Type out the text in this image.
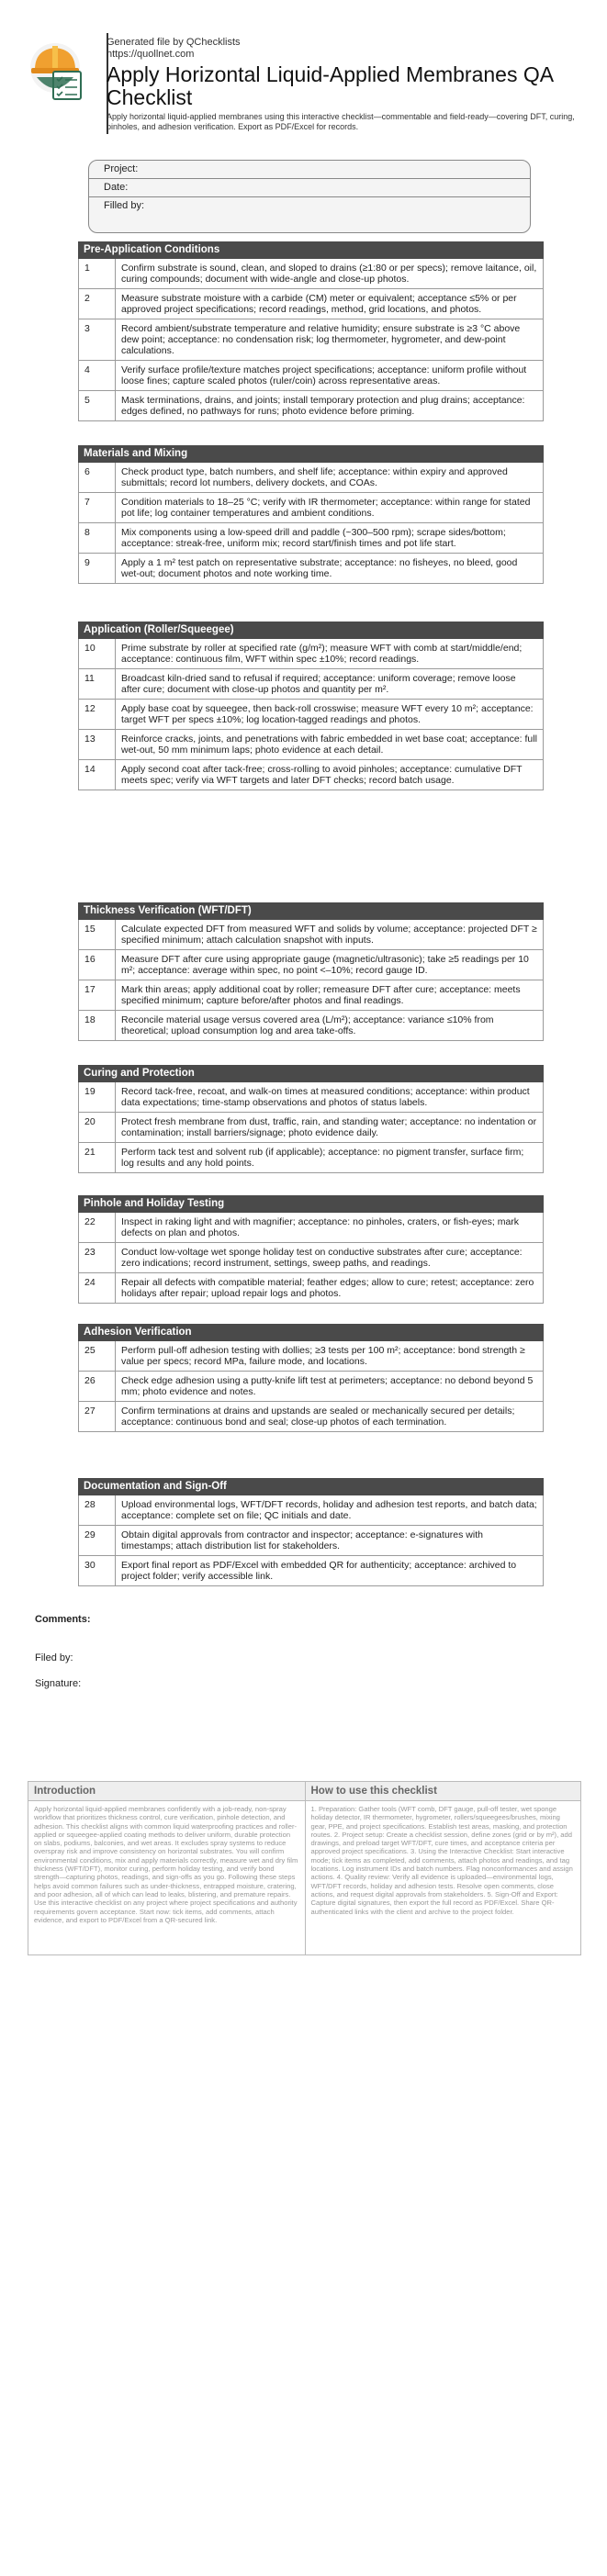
Generated file by QChecklists
https://quollnet.com
Apply Horizontal Liquid-Applied Membranes QA Checklist
Apply horizontal liquid-applied membranes using this interactive checklist—commentable and field-ready—covering DFT, curing, pinholes, and adhesion verification. Export as PDF/Excel for records.
Project:
Date:
Filled by:
Pre-Application Conditions
1	Confirm substrate is sound, clean, and sloped to drains (≥1:80 or per specs); remove laitance, oil, curing compounds; document with wide-angle and close-up photos.
2	Measure substrate moisture with a carbide (CM) meter or equivalent; acceptance ≤5% or per approved project specifications; record readings, method, grid locations, and photos.
3	Record ambient/substrate temperature and relative humidity; ensure substrate is ≥3 °C above dew point; acceptance: no condensation risk; log thermometer, hygrometer, and dew-point calculations.
4	Verify surface profile/texture matches project specifications; acceptance: uniform profile without loose fines; capture scaled photos (ruler/coin) across representative areas.
5	Mask terminations, drains, and joints; install temporary protection and plug drains; acceptance: edges defined, no pathways for runs; photo evidence before priming.
Materials and Mixing
6	Check product type, batch numbers, and shelf life; acceptance: within expiry and approved submittals; record lot numbers, delivery dockets, and COAs.
7	Condition materials to 18–25 °C; verify with IR thermometer; acceptance: within range for stated pot life; log container temperatures and ambient conditions.
8	Mix components using a low-speed drill and paddle (~300–500 rpm); scrape sides/bottom; acceptance: streak-free, uniform mix; record start/finish times and pot life start.
9	Apply a 1 m² test patch on representative substrate; acceptance: no fisheyes, no bleed, good wet-out; document photos and note working time.
Application (Roller/Squeegee)
10	Prime substrate by roller at specified rate (g/m²); measure WFT with comb at start/middle/end; acceptance: continuous film, WFT within spec ±10%; record readings.
11	Broadcast kiln-dried sand to refusal if required; acceptance: uniform coverage; remove loose after cure; document with close-up photos and quantity per m².
12	Apply base coat by squeegee, then back-roll crosswise; measure WFT every 10 m²; acceptance: target WFT per specs ±10%; log location-tagged readings and photos.
13	Reinforce cracks, joints, and penetrations with fabric embedded in wet base coat; acceptance: full wet-out, 50 mm minimum laps; photo evidence at each detail.
14	Apply second coat after tack-free; cross-rolling to avoid pinholes; acceptance: cumulative DFT meets spec; verify via WFT targets and later DFT checks; record batch usage.
Thickness Verification (WFT/DFT)
15	Calculate expected DFT from measured WFT and solids by volume; acceptance: projected DFT ≥ specified minimum; attach calculation snapshot with inputs.
16	Measure DFT after cure using appropriate gauge (magnetic/ultrasonic); take ≥5 readings per 10 m²; acceptance: average within spec, no point <–10%; record gauge ID.
17	Mark thin areas; apply additional coat by roller; remeasure DFT after cure; acceptance: meets specified minimum; capture before/after photos and final readings.
18	Reconcile material usage versus covered area (L/m²); acceptance: variance ≤10% from theoretical; upload consumption log and area take-offs.
Curing and Protection
19	Record tack-free, recoat, and walk-on times at measured conditions; acceptance: within product data expectations; time-stamp observations and photos of status labels.
20	Protect fresh membrane from dust, traffic, rain, and standing water; acceptance: no indentation or contamination; install barriers/signage; photo evidence daily.
21	Perform tack test and solvent rub (if applicable); acceptance: no pigment transfer, surface firm; log results and any hold points.
Pinhole and Holiday Testing
22	Inspect in raking light and with magnifier; acceptance: no pinholes, craters, or fish-eyes; mark defects on plan and photos.
23	Conduct low-voltage wet sponge holiday test on conductive substrates after cure; acceptance: zero indications; record instrument, settings, sweep paths, and readings.
24	Repair all defects with compatible material; feather edges; allow to cure; retest; acceptance: zero holidays after repair; upload repair logs and photos.
Adhesion Verification
25	Perform pull-off adhesion testing with dollies; ≥3 tests per 100 m²; acceptance: bond strength ≥ value per specs; record MPa, failure mode, and locations.
26	Check edge adhesion using a putty-knife lift test at perimeters; acceptance: no debond beyond 5 mm; photo evidence and notes.
27	Confirm terminations at drains and upstands are sealed or mechanically secured per details; acceptance: continuous bond and seal; close-up photos of each termination.
Documentation and Sign-Off
28	Upload environmental logs, WFT/DFT records, holiday and adhesion test reports, and batch data; acceptance: complete set on file; QC initials and date.
29	Obtain digital approvals from contractor and inspector; acceptance: e-signatures with timestamps; attach distribution list for stakeholders.
30	Export final report as PDF/Excel with embedded QR for authenticity; acceptance: archived to project folder; verify accessible link.
Comments:
Filed by:
Signature:
Introduction
Apply horizontal liquid-applied membranes confidently with a job-ready, non-spray workflow that prioritizes thickness control, cure verification, pinhole detection, and adhesion. This checklist aligns with common liquid waterproofing practices and roller-applied or squeegee-applied coating methods to deliver uniform, durable protection on slabs, podiums, balconies, and wet areas. It excludes spray systems to reduce overspray risk and improve consistency on horizontal substrates. You will confirm environmental conditions, mix and apply materials correctly, measure wet and dry film thickness (WFT/DFT), monitor curing, perform holiday testing, and verify bond strength—capturing photos, readings, and sign-offs as you go. Following these steps helps avoid common failures such as under-thickness, entrapped moisture, cratering, and poor adhesion, all of which can lead to leaks, blistering, and premature repairs. Use this interactive checklist on any project where project specifications and authority requirements govern acceptance. Start now: tick items, add comments, attach evidence, and export to PDF/Excel from a QR-secured link.
How to use this checklist
1. Preparation: Gather tools (WFT comb, DFT gauge, pull-off tester, wet sponge holiday detector, IR thermometer, hygrometer, rollers/squeegees/brushes, mixing gear, PPE, and project specifications. Establish test areas, masking, and protection routes. 2. Project setup: Create a checklist session, define zones (grid or by m²), add drawings, and preload target WFT/DFT, cure times, and acceptance criteria per approved project specifications. 3. Using the Interactive Checklist: Start interactive mode; tick items as completed, add comments, attach photos and readings, and tag locations. Log instrument IDs and batch numbers. Flag nonconformances and assign actions. 4. Quality review: Verify all evidence is uploaded—environmental logs, WFT/DFT records, holiday and adhesion tests. Resolve open comments, close actions, and request digital approvals from stakeholders. 5. Sign-Off and Export: Capture digital signatures, then export the full record as PDF/Excel. Share QR-authenticated links with the client and archive to the project folder.
